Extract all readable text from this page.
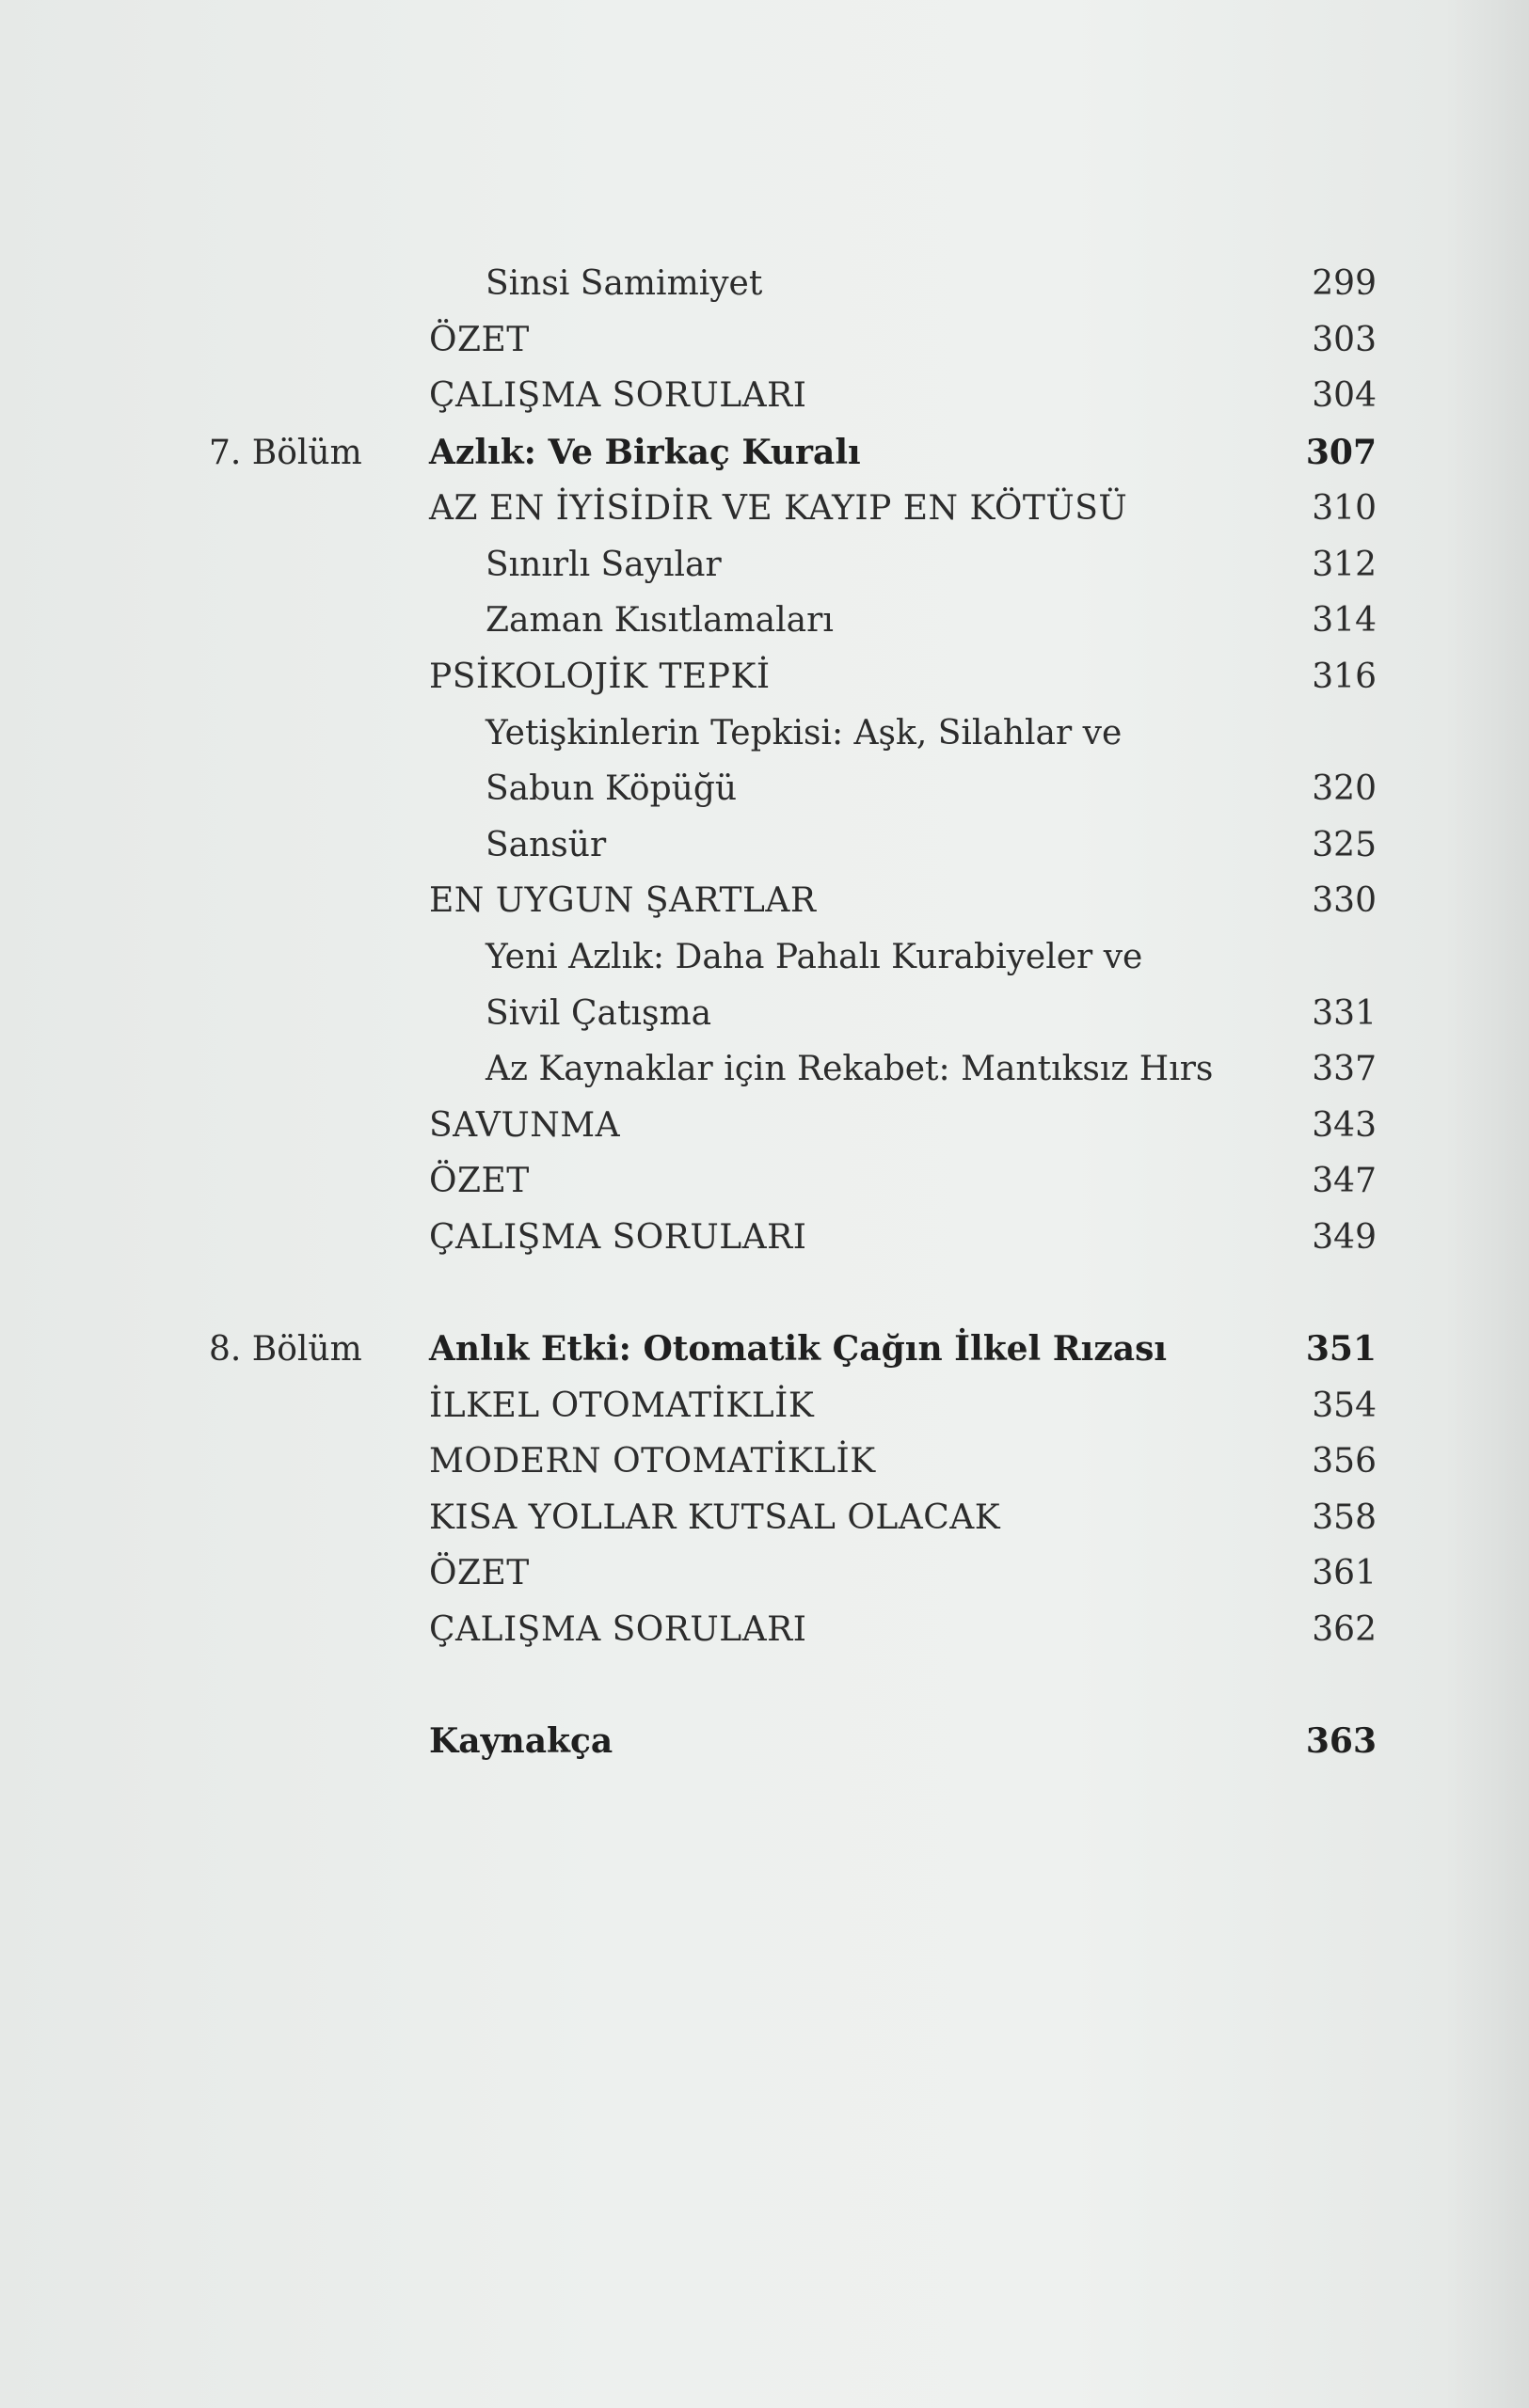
Sinsi Samimiyet	299
ÖZET	303
ÇALIŞMA SORULARI	304
7. Bölüm Azlık: Ve Birkaç Kuralı	307
AZ EN İYİSİDİR VE KAYIP EN KÖTÜSÜ	310
Sınırlı Sayılar	312
Zaman Kısıtlamaları	314
PSİKOLOJİK TEPKİ	316
Yetişkinlerin Tepkisi: Aşk, Silahlar ve
Sabun Köpüğü	320
Sansür	325
EN UYGUN ŞARTLAR	330
Yeni Azlık: Daha Pahalı Kurabiyeler ve
Sivil Çatışma	331
Az Kaynaklar için Rekabet: Mantıksız Hırs	337
SAVUNMA	343
ÖZET	347
ÇALIŞMA SORULARI	349
8. Bölüm Anlık Etki: Otomatik Çağın İlkel Rızası	351
İLKEL OTOMATİKLİK	354
MODERN OTOMATİKLİK	356
KISA YOLLAR KUTSAL OLACAK	358
ÖZET	361
ÇALIŞMA SORULARI	362
Kaynakça	363
